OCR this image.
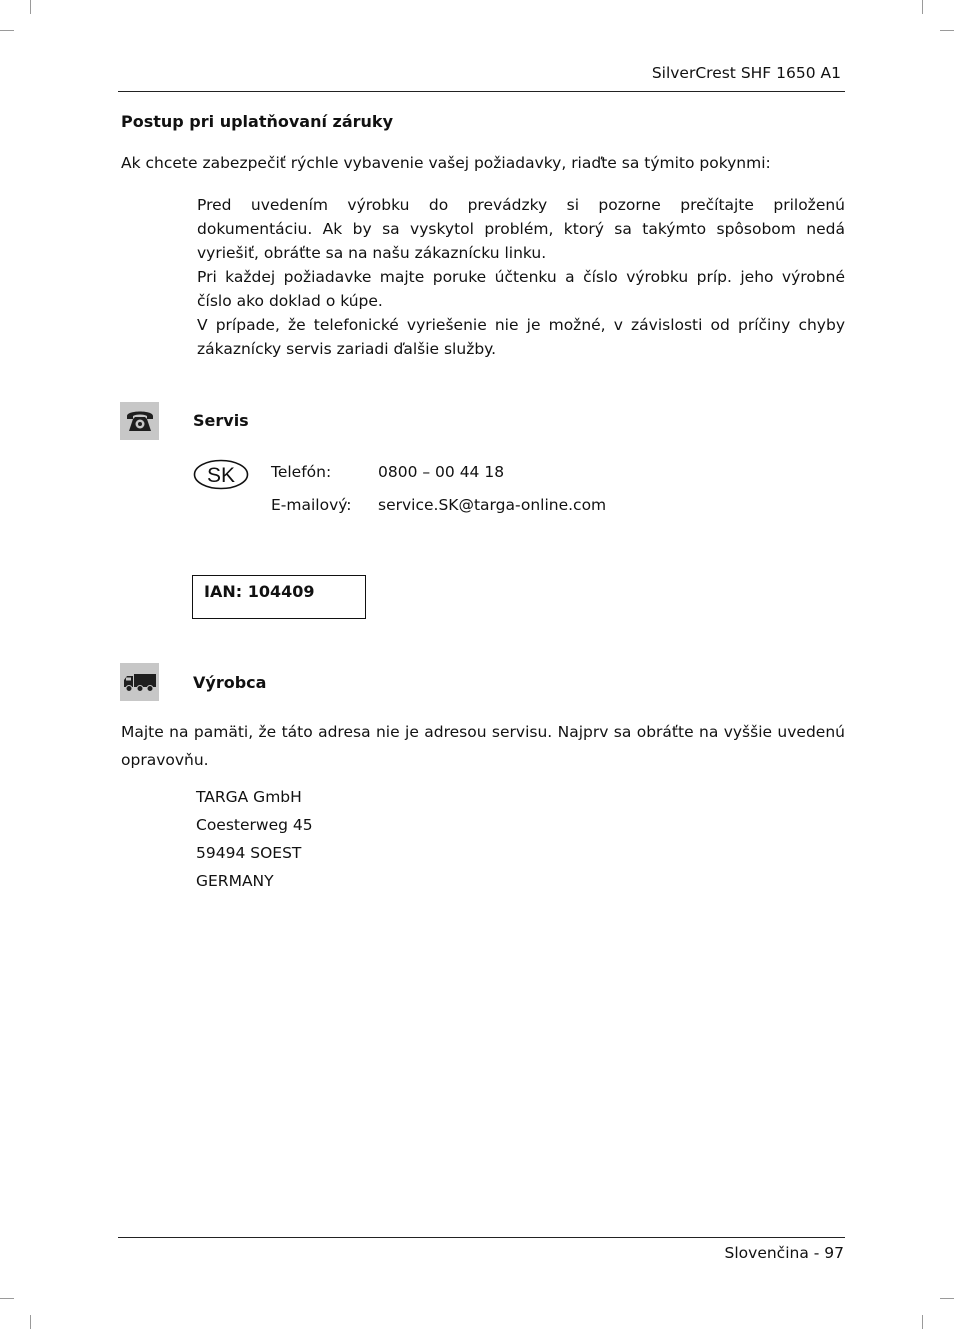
SilverCrest SHF 1650 A1
Postup pri uplatňovaní záruky
Ak chcete zabezpečiť rýchle vybavenie vašej požiadavky, riaďte sa týmito pokynmi:

Pred uvedením výrobku do prevádzky si pozorne prečítajte priloženú dokumentáciu. Ak by sa vyskytol problém, ktorý sa takýmto spôsobom nedá vyriešiť, obráťte sa na našu zákaznícku linku.

Pri každej požiadavke majte poruke účtenku a číslo výrobku príp. jeho výrobné číslo ako doklad o kúpe.

V prípade, že telefonické vyriešenie nie je možné, v závislosti od príčiny chyby zákaznícky servis zariadi ďalšie služby.

Servis
SK Telefón:	0800 – 00 44 18
E-mailový: service.SK@targa-online.com
IAN: 104409
Výrobca
Majte na pamäti, že táto adresa nie je adresou servisu. Najprv sa obráťte na vyššie uvedenú opravovňu.
TARGA GmbH
Coesterweg 45
59494 SOEST
GERMANY
Slovenčina - 97
